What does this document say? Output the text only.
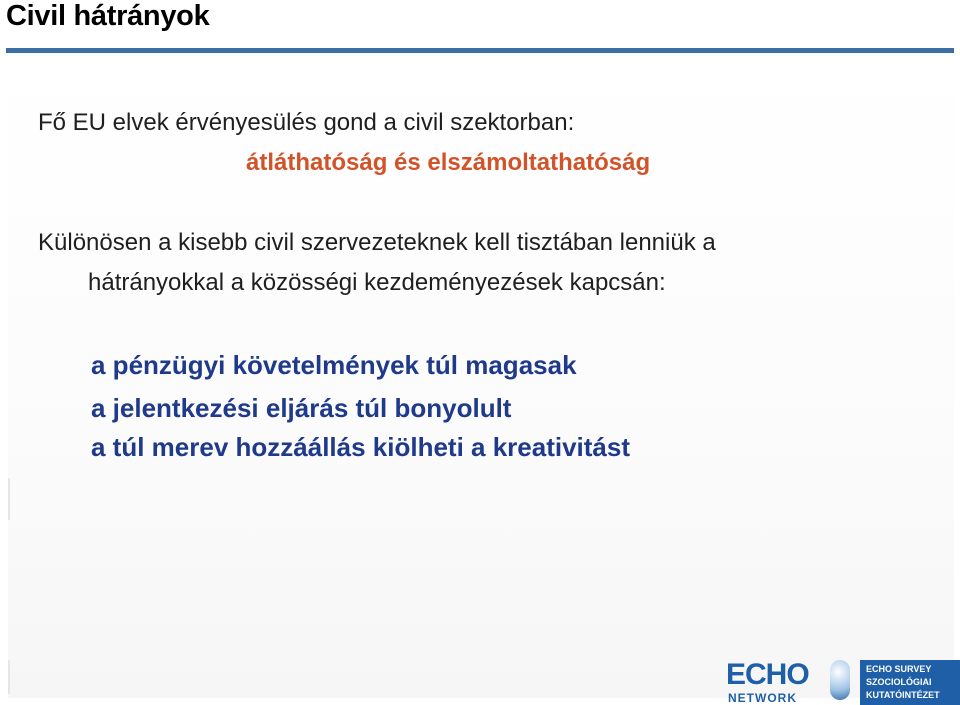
Civil hátrányok
Fő EU elvek érvényesülés gond a civil szektorban:
átláthatóság és elszámoltathatóság
Különösen a kisebb civil szervezeteknek kell tisztában lenniük a
hátrányokkal a közösségi kezdeményezések kapcsán:
a pénzügyi követelmények túl magasak
a jelentkezési eljárás túl bonyolult
a túl merev hozzáállás kiölheti a kreativitást
ECHO
NETWORK
ECHO SURVEY
SZOCIOLÓGIAI
KUTATÓINTÉZET
